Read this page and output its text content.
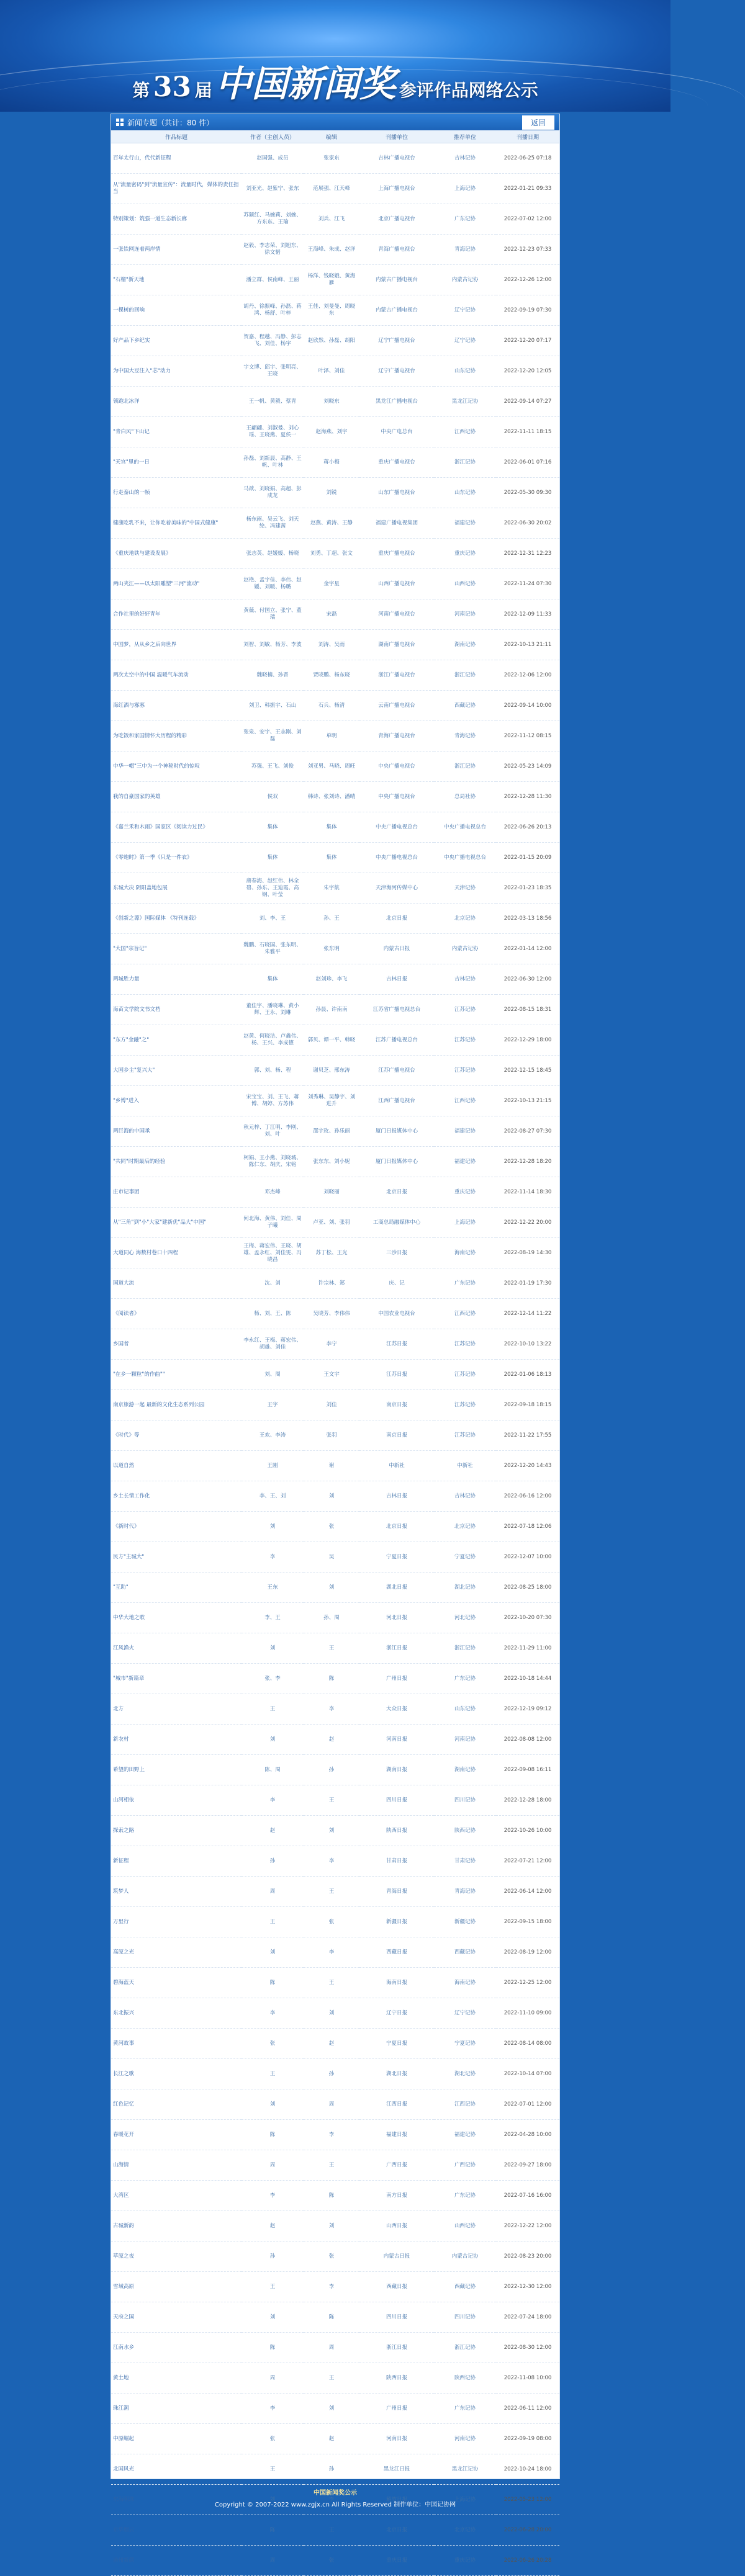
第 33 届 中国新闻奖 参评作品网络公示
新闻专题（共计：80 件）	返回
作品标题	作者（主创人员）	编辑	刊播单位	推荐单位	刊播日期
百年太行山，代代新征程	赵国强、成员	张家东	吉林广播电视台	吉林记协	2022-06-25 07:18
从"流量密码"到"流量宣传"：流量时代，媒体的责任担当	刘亚光、赵紫宁、张东	范展强、江天峰	上海广播电视台	上海记协	2022-01-21 09:33
特别策划：筑强一道生态新长廊	苏颖红、马婉莉、刘婉、方东东、王瑜	刘兵、江飞	北京广播电视台	广东记协	2022-07-02 12:00
一张铁网连着两岸情	赵毅、李志荣、刘旭东、徐文韬	王海峰、朱成、赵洋	青海广播电视台	青海记协	2022-12-23 07:33
"石榴"新天地	潘立群、侯南峰、王丽	杨洋、钱晓娥、黄海雁	内蒙古广播电视台	内蒙古记协	2022-12-26 12:00
一棵树的回响	胡丹、徐振峰、孙磊、蒋鸿、杨舒、叶梓	王佳、刘曼曼、周晓东	内蒙古广播电视台	辽宁记协	2022-09-19 07:30
好产品下乡纪实	贺嘉、程越、冯静、彭志飞、刘佳、杨宇	赵欣然、孙磊、胡阳	辽宁广播电视台	辽宁记协	2022-12-20 07:17
为中国大豆注入"芯"动力	宇文博、邱宇、张明亮、王晓	叶泽、刘佳	辽宁广播电视台	山东记协	2022-12-20 12:05
领跑北冰洋	王一帆、黄毅、蔡青	刘晓东	黑龙江广播电视台	黑龙江记协	2022-09-14 07:27
"青白风"下山记	王翩翩、刘淑曼、刘心瑶、王晓燕、夏侯一	赵海燕、刘宇	中央广电总台	江西记协	2022-11-11 18:15
"天宫"里的一日	孙磊、刘新晨、高静、王帆、叶林	蒋小梅	重庆广播电视台	浙江记协	2022-06-01 07:16
行走泰山的一帧	马歆、刘晓娟、高超、彭成龙	刘锐	山东广播电视台	山东记协	2022-05-30 09:30
健康吃乳不来，让你吃着美味的"中国式健康"	杨东雨、吴云飞、刘天纶、冯建茜	赵燕、黄涛、王静	福建广播电视集团	福建记协	2022-06-30 20:02
《重庆地铁与建设发展》	张志英、赵媛媛、杨晓	刘勇、丁超、张文	重庆广播电视台	重庆记协	2022-12-31 12:23
两山夹江——以太阳雕塑"三河"流动"	赵艳、孟宇佳、李伟、赵媛、刘暖、杨璐	金宇星	山西广播电视台	山西记协	2022-11-24 07:30
合作社里的好好青年	黄薇、付国立、张宁、董瑞	宋磊	河南广播电视台	河南记协	2022-12-09 11:33
中国梦，从从乡之后向世界	刘智、刘敏、杨芳、李波	刘涛、吴雨	湖南广播电视台	湖南记协	2022-10-13 21:11
两次太空中的中国 温暖气车流动	魏晓楠、孙晋	贾晓鹏、杨东晓	浙江广播电视台	浙江记协	2022-12-06 12:00
海红酒与寡寡	刘卫、韩振宇、石山	石兵、杨清	云南广播电视台	西藏记协	2022-09-14 10:00
为吃饭和家国情怀大历程的精彩	张泉、安宇、王志刚、刘磊	单明	青海广播电视台	青海记协	2022-11-12 08:15
中华一帽"三中为一个神秘时代的惊叹	苏强、王飞、刘俊	刘亚男、马晓、周旺	中央广播电视台	浙江记协	2022-05-23 14:09
我的自豪国家的英雄	侯双	韩诗、张刘诗、潘晴	中央广播电视台	总局社协	2022-12-28 11:30
《嘉兰禾和木雨》国家区《阅读力过民》	集体	集体	中央广播电视总台	中央广播电视总台	2022-06-26 20:13
《零炮时》第一季《只是一件衣》	集体	集体	中央广播电视总台	中央广播电视总台	2022-01-15 20:09
东城大决 阴阳盖地包展	唐春海、赵红伟、林全碧、孙东、王迪霞、高钢、叶莹	朱宇航	天津海河传媒中心	天津记协	2022-01-23 18:35
《创新之源》国际媒体 《特刊连载》	刘、李、王	孙、王	北京日报	北京记协	2022-03-13 18:56
"大国"宗旨记"	魏鹏、石晓国、张东明、朱雅平	张东明	内蒙古日报	内蒙古记协	2022-01-14 12:00
两城胜力量	集体	赵刘珍、李飞	吉林日报	吉林记协	2022-06-30 12:00
海苗文学院文书文档	董佳宇、潘晓琳、黄小辉、王永、刘琳	孙晨、许南南	江苏省广播电视总台	江苏记协	2022-08-15 18:31
"东方"金融"之"	赵黄、何晓洁、卢鑫伟、杨、王兴、李成德	郭贝、谭一平、韩晓	江苏广播电视总台	江苏记协	2022-12-29 18:00
大国乡主"复兴大"	郭、刘、杨、程	谢贝芝、邢东涛	江苏广播电视台	江苏记协	2022-12-15 18:45
"乡博"进入	宋宝宝、刘、王飞、蒋博、胡婷、方苏伟	刘秀琳、吴静宇、刘进升	江西广播电视台	江西记协	2022-10-13 21:15
两巨海的中国承	秋元梓、丁江明、李刚、刘、叶	邵宇玫、孙乐丽	厦门日报媒体中心	福建记协	2022-08-27 07:30
"共同"时期最后的经验	柯娟、王小燕、刘晓城、陈仁东、胡庆、宋铭	张东东、刘小妮	厦门日报媒体中心	福建记协	2022-12-28 18:20
庄市记事团	邓杰峰	刘晓丽	北京日报	重庆记协	2022-11-14 18:30
从"三角"到"小"大家"建新优"品大"中国"	何北海、黄伟、刘佳、周子曦	卢亚、刘、张羽	工商总局融媒体中心	上海记协	2022-12-22 20:00
大道同心 海数村巷口十四程	王梅、蒋宏伟、王晓、胡雄、孟永红、刘佳雯、冯晓昌	苏丁松、王光	三沙日报	海南记协	2022-08-19 14:30
国道大流	沈、刘	许宗林、郑	庆、记	广东记协	2022-01-19 17:30
《阅读者》	杨、刘、王、陈	吴晓芳、李伟伟	中国农业电视台	江西记协	2022-12-14 11:22
乡国者	李永红、王梅、蒋宏伟、胡雄、刘佳	李宁	江苏日报	江苏记协	2022-10-10 13:22
"在乡一颗粒"的作曲""	刘、周	王文宇	江苏日报	江苏记协	2022-01-06 18:13
南京旅游一起 最新的文化生态系列公园	王宇	刘佳	南京日报	江苏记协	2022-09-18 18:15
《时代》等	王欢、李涛	张羽	南京日报	江苏记协	2022-11-22 17:55
以道自然	王刚	谢	中新社	中新社	2022-12-20 14:43
乡土长情工作化	李、王、刘	刘	吉林日报	吉林记协	2022-06-16 12:00
《新时代》	刘	张	北京日报	北京记协	2022-07-18 12:06
民方"主城大"	李	吴	宁夏日报	宁夏记协	2022-12-07 10:00
"互助"	王东	刘	湖北日报	湖北记协	2022-08-25 18:00
中华大地之歌	李、王	孙、周	河北日报	河北记协	2022-10-20 07:30
江风渔火	刘	王	浙江日报	浙江记协	2022-11-29 11:00
"城市"新篇章	张、李	陈	广州日报	广东记协	2022-10-18 14:44
北方	王	李	大众日报	山东记协	2022-12-19 09:12
新农村	刘	赵	河南日报	河南记协	2022-08-08 12:00
希望的田野上	陈、周	孙	湖南日报	湖南记协	2022-09-08 16:11
山河相依	李	王	四川日报	四川记协	2022-12-28 18:00
探索之路	赵	刘	陕西日报	陕西记协	2022-10-26 10:00
新征程	孙	李	甘肃日报	甘肃记协	2022-07-21 12:00
筑梦人	周	王	青海日报	青海记协	2022-06-14 12:00
万里行	王	张	新疆日报	新疆记协	2022-09-15 18:00
高原之光	刘	李	西藏日报	西藏记协	2022-08-19 12:00
碧海蓝天	陈	王	海南日报	海南记协	2022-12-25 12:00
东北振兴	李	刘	辽宁日报	辽宁记协	2022-11-10 09:00
黄河故事	张	赵	宁夏日报	宁夏记协	2022-08-14 08:00
长江之歌	王	孙	湖北日报	湖北记协	2022-10-14 07:00
红色记忆	刘	周	江西日报	江西记协	2022-07-01 12:00
春暖花开	陈	李	福建日报	福建记协	2022-04-28 10:00
山海情	周	王	广西日报	广西记协	2022-09-27 18:00
大湾区	李	陈	南方日报	广东记协	2022-07-16 16:00
古城新韵	赵	刘	山西日报	山西记协	2022-12-22 12:00
草原之夜	孙	张	内蒙古日报	内蒙古记协	2022-08-23 20:00
雪域高原	王	李	西藏日报	西藏记协	2022-12-30 12:00
天府之国	刘	陈	四川日报	四川记协	2022-07-24 18:00
江南水乡	陈	周	浙江日报	浙江记协	2022-08-30 12:00
黄土地	周	王	陕西日报	陕西记协	2022-11-08 10:00
珠江潮	李	刘	广州日报	广东记协	2022-06-11 12:00
中原崛起	张	赵	河南日报	河南记协	2022-09-19 08:00
北国风光	王	孙	黑龙江日报	黑龙江记协	2022-10-24 18:00
东海明珠	刘	李	解放日报	上海记协	2022-05-23 12:00
京华烟云	陈	王	北京日报	北京记协	2022-06-28 20:00
渝州新颜	周	张	重庆日报	重庆记协	2022-06-26 20:28
中国新闻奖公示
Copyright © 2007-2022 www.zgjx.cn All Rights Reserved 制作单位：中国记协网
